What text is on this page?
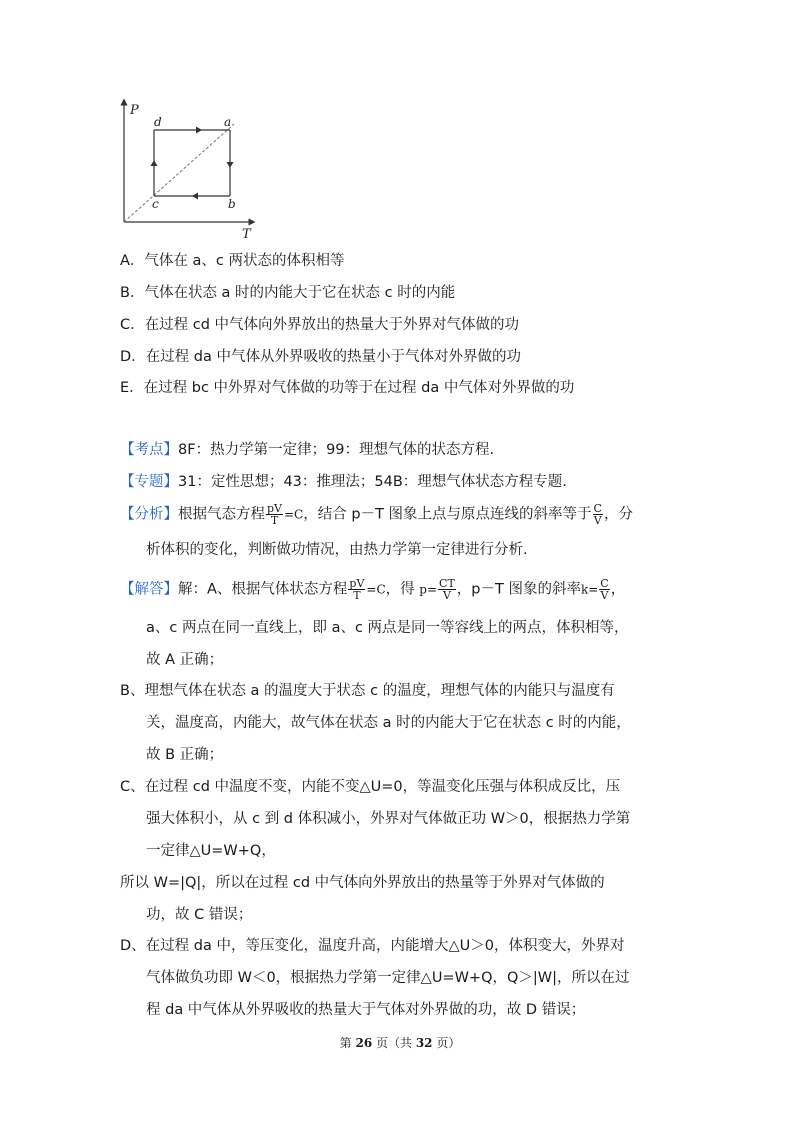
P
T
d	a
c	b
A．气体在 a、c 两状态的体积相等
B．气体在状态 a 时的内能大于它在状态 c 时的内能
C．在过程 cd 中气体向外界放出的热量大于外界对气体做的功
D．在过程 da 中气体从外界吸收的热量小于气体对外界做的功
E．在过程 bc 中外界对气体做的功等于在过程 da 中气体对外界做的功
【考点】8F：热力学第一定律；99：理想气体的状态方程.
【专题】31：定性思想；43：推理法；54B：理想气体状态方程专题.
【分析】根据气态方程 $\frac{pV}{T} =C$，结合 p－T 图象上点与原点连线的斜率等于 $\frac{C}{V}$ ，分
析体积的变化，判断做功情况，由热力学第一定律进行分析.
【解答】解：A、根据气体状态方程 $\frac{pV}{T} =C$，得 $p= \frac{CT}{V}$ ，p－T 图象的斜率$k= \frac{C}{V}$ ，
a、c 两点在同一直线上，即 a、c 两点是同一等容线上的两点，体积相等，
故 A 正确；
B、理想气体在状态 a 的温度大于状态 c 的温度，理想气体的内能只与温度有
关，温度高，内能大，故气体在状态 a 时的内能大于它在状态 c 时的内能，
故 B 正确；
C、在过程 cd 中温度不变，内能不变△U=0，等温变化压强与体积成反比，压
强大体积小，从 c 到 d 体积减小，外界对气体做正功 W＞0，根据热力学第
一定律△U=W+Q，
所以 W=|Q|，所以在过程 cd 中气体向外界放出的热量等于外界对气体做的
功，故 C 错误；
D、在过程 da 中，等压变化，温度升高，内能增大△U＞0，体积变大，外界对
气体做负功即 W＜0，根据热力学第一定律△U=W+Q，Q＞|W|，所以在过
程 da 中气体从外界吸收的热量大于气体对外界做的功，故 D 错误；
第 26 页（共 32 页）
